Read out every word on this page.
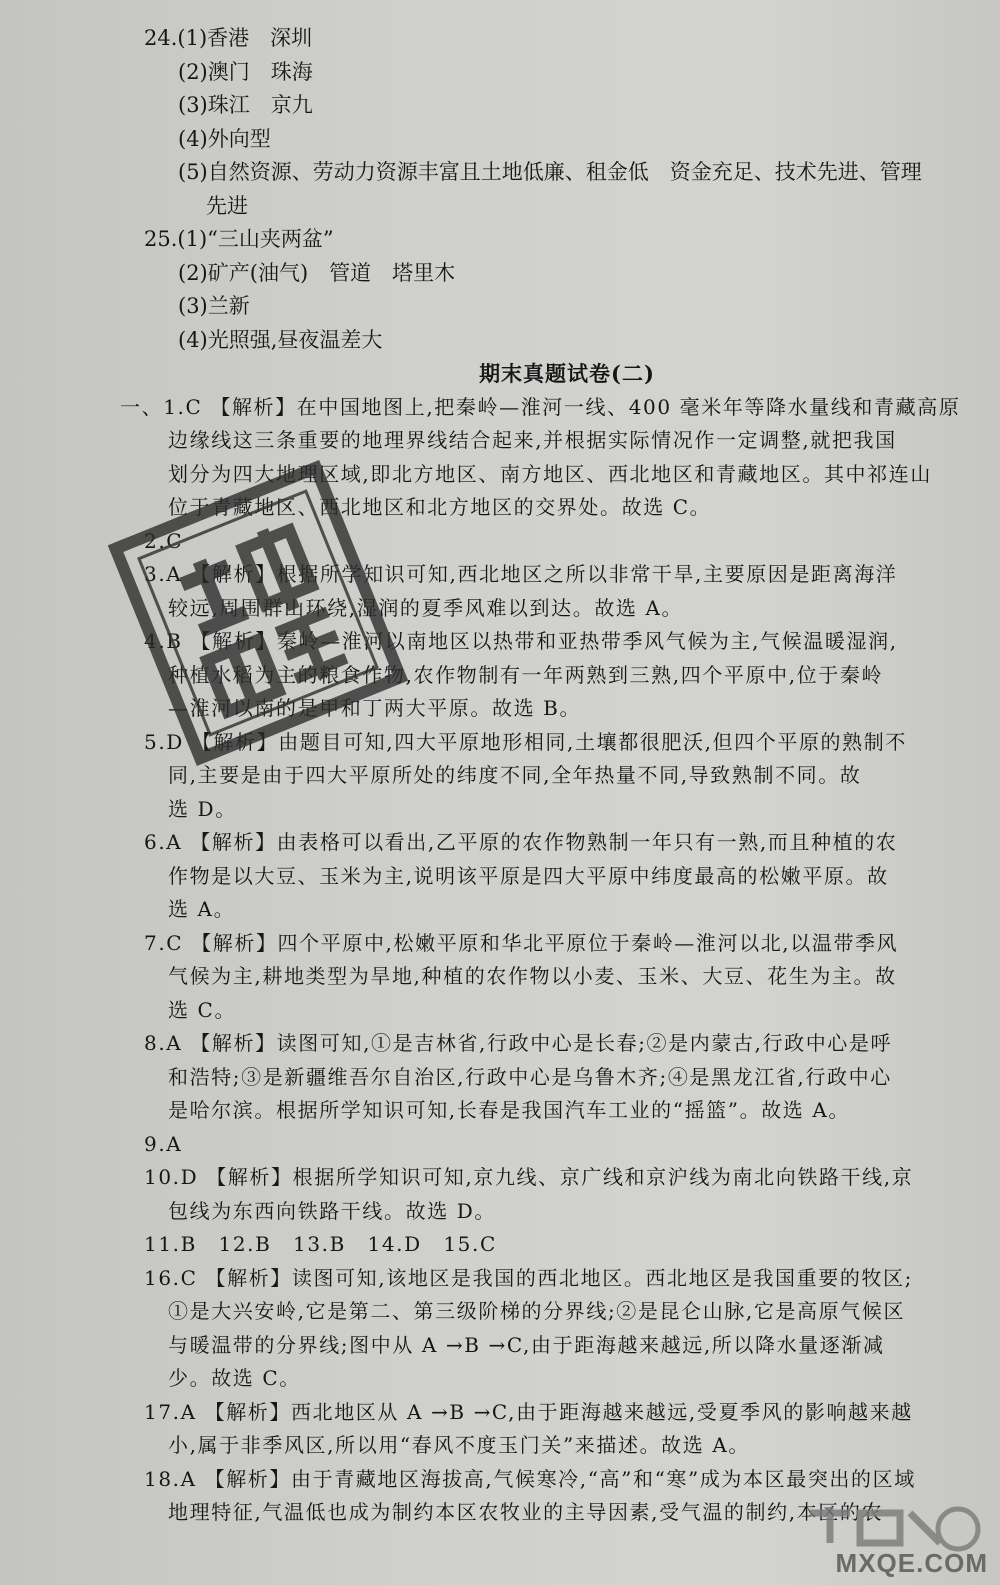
24.(1)香港　深圳
(2)澳门　珠海
(3)珠江　京九
(4)外向型
(5)自然资源、劳动力资源丰富且土地低廉、租金低　资金充足、技术先进、管理
先进
25.(1)“三山夹两盆”
(2)矿产(油气)　管道　塔里木
(3)兰新
(4)光照强,昼夜温差大
期末真题试卷(二)
一、1.C 【解析】在中国地图上,把秦岭—淮河一线、400 毫米年等降水量线和青藏高原
边缘线这三条重要的地理界线结合起来,并根据实际情况作一定调整,就把我国
划分为四大地理区域,即北方地区、南方地区、西北地区和青藏地区。其中祁连山
位于青藏地区、西北地区和北方地区的交界处。故选 C。
2.C
3.A 【解析】根据所学知识可知,西北地区之所以非常干旱,主要原因是距离海洋
较远,周围群山环绕,湿润的夏季风难以到达。故选 A。
4.B 【解析】秦岭—淮河以南地区以热带和亚热带季风气候为主,气候温暖湿润,
种植水稻为主的粮食作物,农作物制有一年两熟到三熟,四个平原中,位于秦岭
—淮河以南的是甲和丁两大平原。故选 B。
5.D 【解析】由题目可知,四大平原地形相同,土壤都很肥沃,但四个平原的熟制不
同,主要是由于四大平原所处的纬度不同,全年热量不同,导致熟制不同。故
选 D。
6.A 【解析】由表格可以看出,乙平原的农作物熟制一年只有一熟,而且种植的农
作物是以大豆、玉米为主,说明该平原是四大平原中纬度最高的松嫩平原。故
选 A。
7.C 【解析】四个平原中,松嫩平原和华北平原位于秦岭—淮河以北,以温带季风
气候为主,耕地类型为旱地,种植的农作物以小麦、玉米、大豆、花生为主。故
选 C。
8.A 【解析】读图可知,①是吉林省,行政中心是长春;②是内蒙古,行政中心是呼
和浩特;③是新疆维吾尔自治区,行政中心是乌鲁木齐;④是黑龙江省,行政中心
是哈尔滨。根据所学知识可知,长春是我国汽车工业的“摇篮”。故选 A。
9.A
10.D 【解析】根据所学知识可知,京九线、京广线和京沪线为南北向铁路干线,京
包线为东西向铁路干线。故选 D。
11.B　12.B　13.B　14.D　15.C
16.C 【解析】读图可知,该地区是我国的西北地区。西北地区是我国重要的牧区;
①是大兴安岭,它是第二、第三级阶梯的分界线;②是昆仑山脉,它是高原气候区
与暖温带的分界线;图中从 A →B →C,由于距海越来越远,所以降水量逐渐减
少。故选 C。
17.A 【解析】西北地区从 A →B →C,由于距海越来越远,受夏季风的影响越来越
小,属于非季风区,所以用“春风不度玉门关”来描述。故选 A。
18.A 【解析】由于青藏地区海拔高,气候寒冷,“高”和“寒”成为本区最突出的区域
地理特征,气温低也成为制约本区农牧业的主导因素,受气温的制约,本区的农
MXQE.COM
